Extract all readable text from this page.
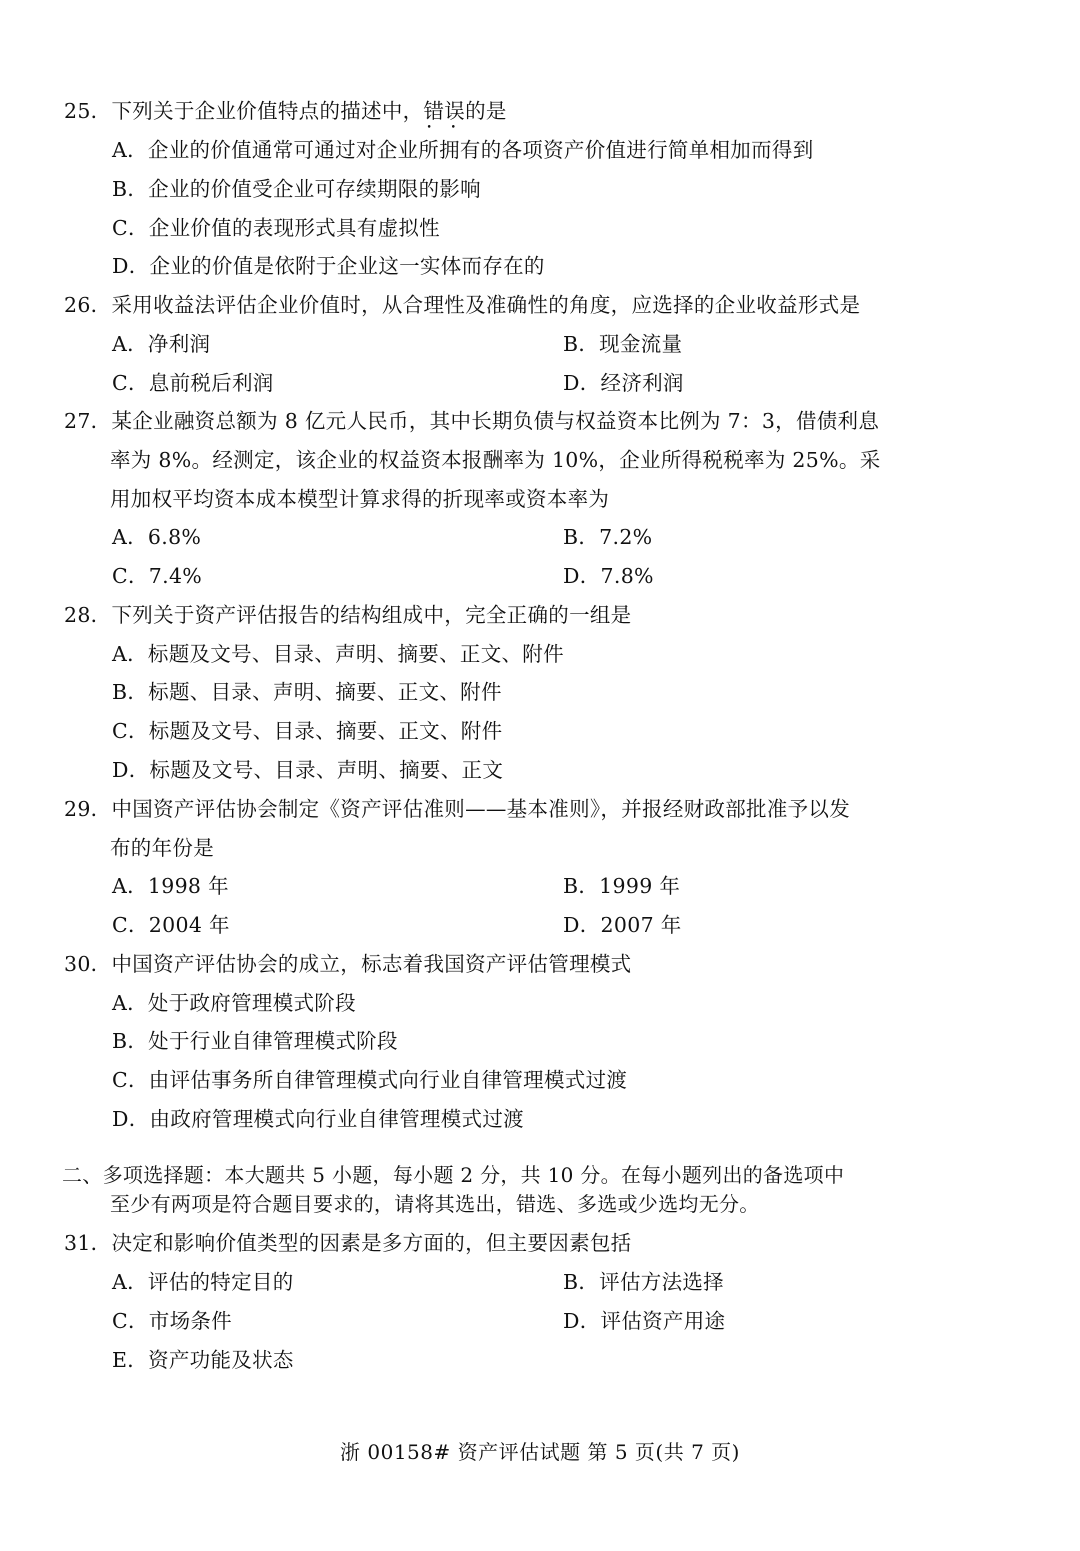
25．下列关于企业价值特点的描述中，错误 • •的是
A．企业的价值通常可通过对企业所拥有的各项资产价值进行简单相加而得到
B．企业的价值受企业可存续期限的影响
C．企业价值的表现形式具有虚拟性
D．企业的价值是依附于企业这一实体而存在的
26．采用收益法评估企业价值时，从合理性及准确性的角度，应选择的企业收益形式是
A．净利润	B．现金流量
C．息前税后利润	D．经济利润
27．某企业融资总额为 8 亿元人民币，其中长期负债与权益资本比例为 7：3，借债利息
率为 8%。经测定，该企业的权益资本报酬率为 10%，企业所得税税率为 25%。采
用加权平均资本成本模型计算求得的折现率或资本率为
A．6.8%	B．7.2%
C．7.4%	D．7.8%
28．下列关于资产评估报告的结构组成中，完全正确的一组是
A．标题及文号、目录、声明、摘要、正文、附件
B．标题、目录、声明、摘要、正文、附件
C．标题及文号、目录、摘要、正文、附件
D．标题及文号、目录、声明、摘要、正文
29．中国资产评估协会制定《资产评估准则——基本准则》，并报经财政部批准予以发
布的年份是
A．1998 年	B．1999 年
C．2004 年	D．2007 年
30．中国资产评估协会的成立，标志着我国资产评估管理模式
A．处于政府管理模式阶段
B．处于行业自律管理模式阶段
C．由评估事务所自律管理模式向行业自律管理模式过渡
D．由政府管理模式向行业自律管理模式过渡
二、多项选择题：本大题共 5 小题，每小题 2 分，共 10 分。在每小题列出的备选项中
至少有两项是符合题目要求的，请将其选出，错选、多选或少选均无分。
31．决定和影响价值类型的因素是多方面的，但主要因素包括
A．评估的特定目的	B．评估方法选择
C．市场条件	D．评估资产用途
E．资产功能及状态
浙 00158# 资产评估试题 第 5 页(共 7 页)
